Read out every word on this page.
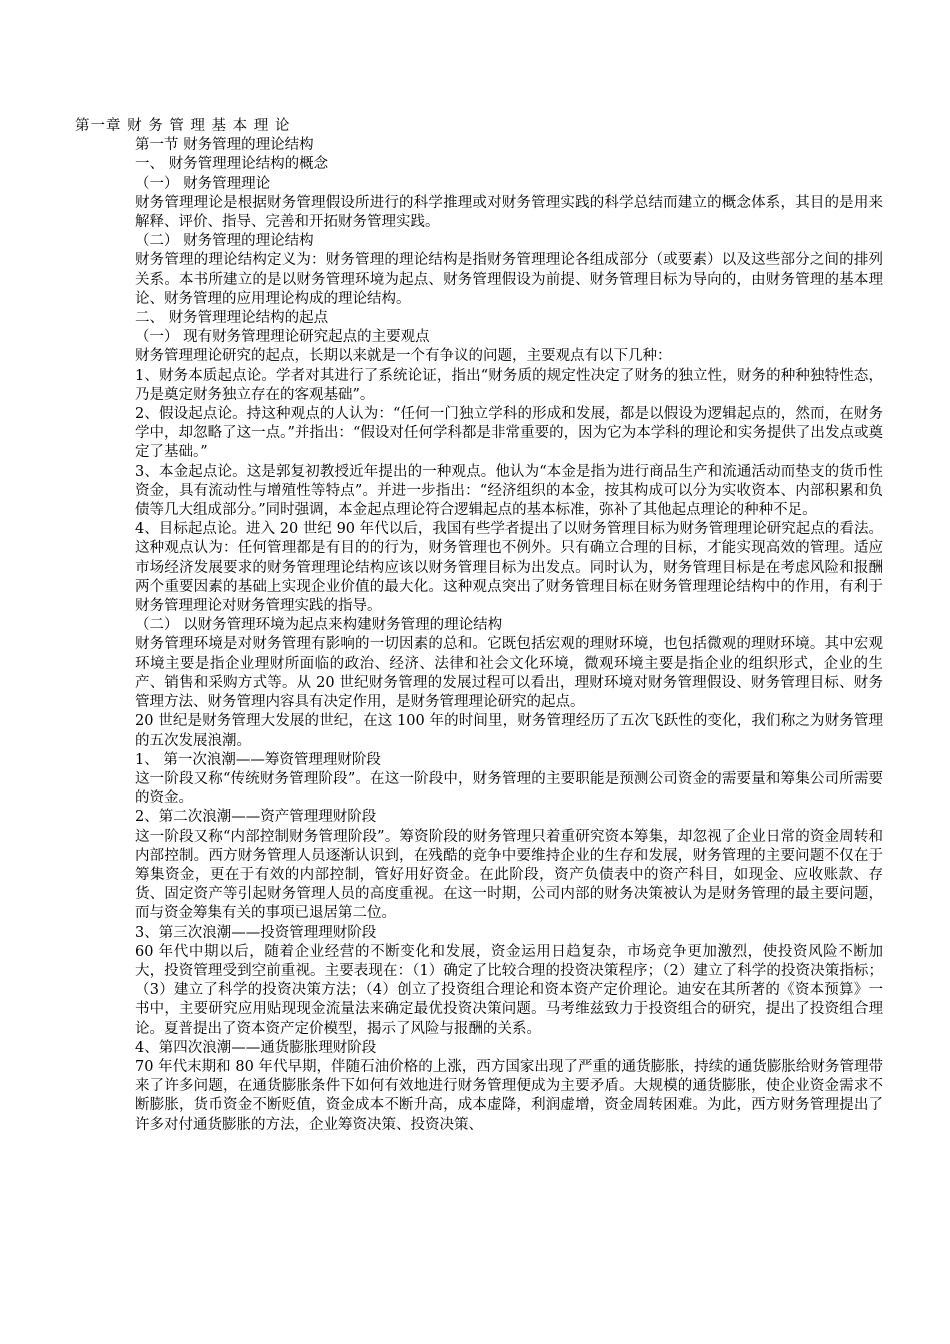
第一章 财 务 管 理 基 本 理 论

第一节 财务管理的理论结构

一、 财务管理理论结构的概念

（一） 财务管理理论

财务管理理论是根据财务管理假设所进行的科学推理或对财务管理实践的科学总结而建立的概念体系，其目的是用来解释、评价、指导、完善和开拓财务管理实践。

（二） 财务管理的理论结构

财务管理的理论结构定义为：财务管理的理论结构是指财务管理理论各组成部分（或要素）以及这些部分之间的排列关系。本书所建立的是以财务管理环境为起点、财务管理假设为前提、财务管理目标为导向的，由财务管理的基本理论、财务管理的应用理论构成的理论结构。

二、 财务管理理论结构的起点

（一） 现有财务管理理论研究起点的主要观点

财务管理理论研究的起点，长期以来就是一个有争议的问题，主要观点有以下几种：

1、财务本质起点论。学者对其进行了系统论证，指出“财务质的规定性决定了财务的独立性，财务的种种独特性态，乃是奠定财务独立存在的客观基础”。

2、假设起点论。持这种观点的人认为：“任何一门独立学科的形成和发展，都是以假设为逻辑起点的，然而，在财务学中，却忽略了这一点。”并指出：“假设对任何学科都是非常重要的，因为它为本学科的理论和实务提供了出发点或奠定了基础。”

3、本金起点论。这是郭复初教授近年提出的一种观点。他认为“本金是指为进行商品生产和流通活动而垫支的货币性资金，具有流动性与增殖性等特点”。并进一步指出：“经济组织的本金，按其构成可以分为实收资本、内部积累和负债等几大组成部分。”同时强调，本金起点理论符合逻辑起点的基本标准，弥补了其他起点理论的种种不足。

4、目标起点论。进入 20 世纪 90 年代以后，我国有些学者提出了以财务管理目标为财务管理理论研究起点的看法。这种观点认为：任何管理都是有目的的行为，财务管理也不例外。只有确立合理的目标，才能实现高效的管理。适应市场经济发展要求的财务管理理论结构应该以财务管理目标为出发点。同时认为，财务管理目标是在考虑风险和报酬两个重要因素的基础上实现企业价值的最大化。这种观点突出了财务管理目标在财务管理理论结构中的作用，有利于财务管理理论对财务管理实践的指导。

（二） 以财务管理环境为起点来构建财务管理的理论结构

财务管理环境是对财务管理有影响的一切因素的总和。它既包括宏观的理财环境，也包括微观的理财环境。其中宏观环境主要是指企业理财所面临的政治、经济、法律和社会文化环境，微观环境主要是指企业的组织形式，企业的生产、销售和采购方式等。从 20 世纪财务管理的发展过程可以看出，理财环境对财务管理假设、财务管理目标、财务管理方法、财务管理内容具有决定作用，是财务管理理论研究的起点。

20 世纪是财务管理大发展的世纪，在这 100 年的时间里，财务管理经历了五次飞跃性的变化，我们称之为财务管理的五次发展浪潮。

1、 第一次浪潮——筹资管理理财阶段

这一阶段又称“传统财务管理阶段”。在这一阶段中，财务管理的主要职能是预测公司资金的需要量和筹集公司所需要的资金。

2、第二次浪潮——资产管理理财阶段

这一阶段又称“内部控制财务管理阶段”。筹资阶段的财务管理只着重研究资本筹集，却忽视了企业日常的资金周转和内部控制。西方财务管理人员逐渐认识到，在残酷的竞争中要维持企业的生存和发展，财务管理的主要问题不仅在于筹集资金，更在于有效的内部控制，管好用好资金。在此阶段，资产负债表中的资产科目，如现金、应收账款、存货、固定资产等引起财务管理人员的高度重视。在这一时期，公司内部的财务决策被认为是财务管理的最主要问题，而与资金筹集有关的事项已退居第二位。

3、第三次浪潮——投资管理理财阶段

60 年代中期以后，随着企业经营的不断变化和发展，资金运用日趋复杂，市场竞争更加激烈，使投资风险不断加大，投资管理受到空前重视。主要表现在：（1）确定了比较合理的投资决策程序；（2）建立了科学的投资决策指标；（3）建立了科学的投资决策方法；（4）创立了投资组合理论和资本资产定价理论。迪安在其所著的《资本预算》一书中，主要研究应用贴现现金流量法来确定最优投资决策问题。马考维兹致力于投资组合的研究，提出了投资组合理论。夏普提出了资本资产定价模型，揭示了风险与报酬的关系。

4、第四次浪潮——通货膨胀理财阶段

70 年代末期和 80 年代早期，伴随石油价格的上涨，西方国家出现了严重的通货膨胀，持续的通货膨胀给财务管理带来了许多问题，在通货膨胀条件下如何有效地进行财务管理便成为主要矛盾。大规模的通货膨胀，使企业资金需求不断膨胀，货币资金不断贬值，资金成本不断升高，成本虚降，利润虚增，资金周转困难。为此，西方财务管理提出了许多对付通货膨胀的方法，企业筹资决策、投资决策、
